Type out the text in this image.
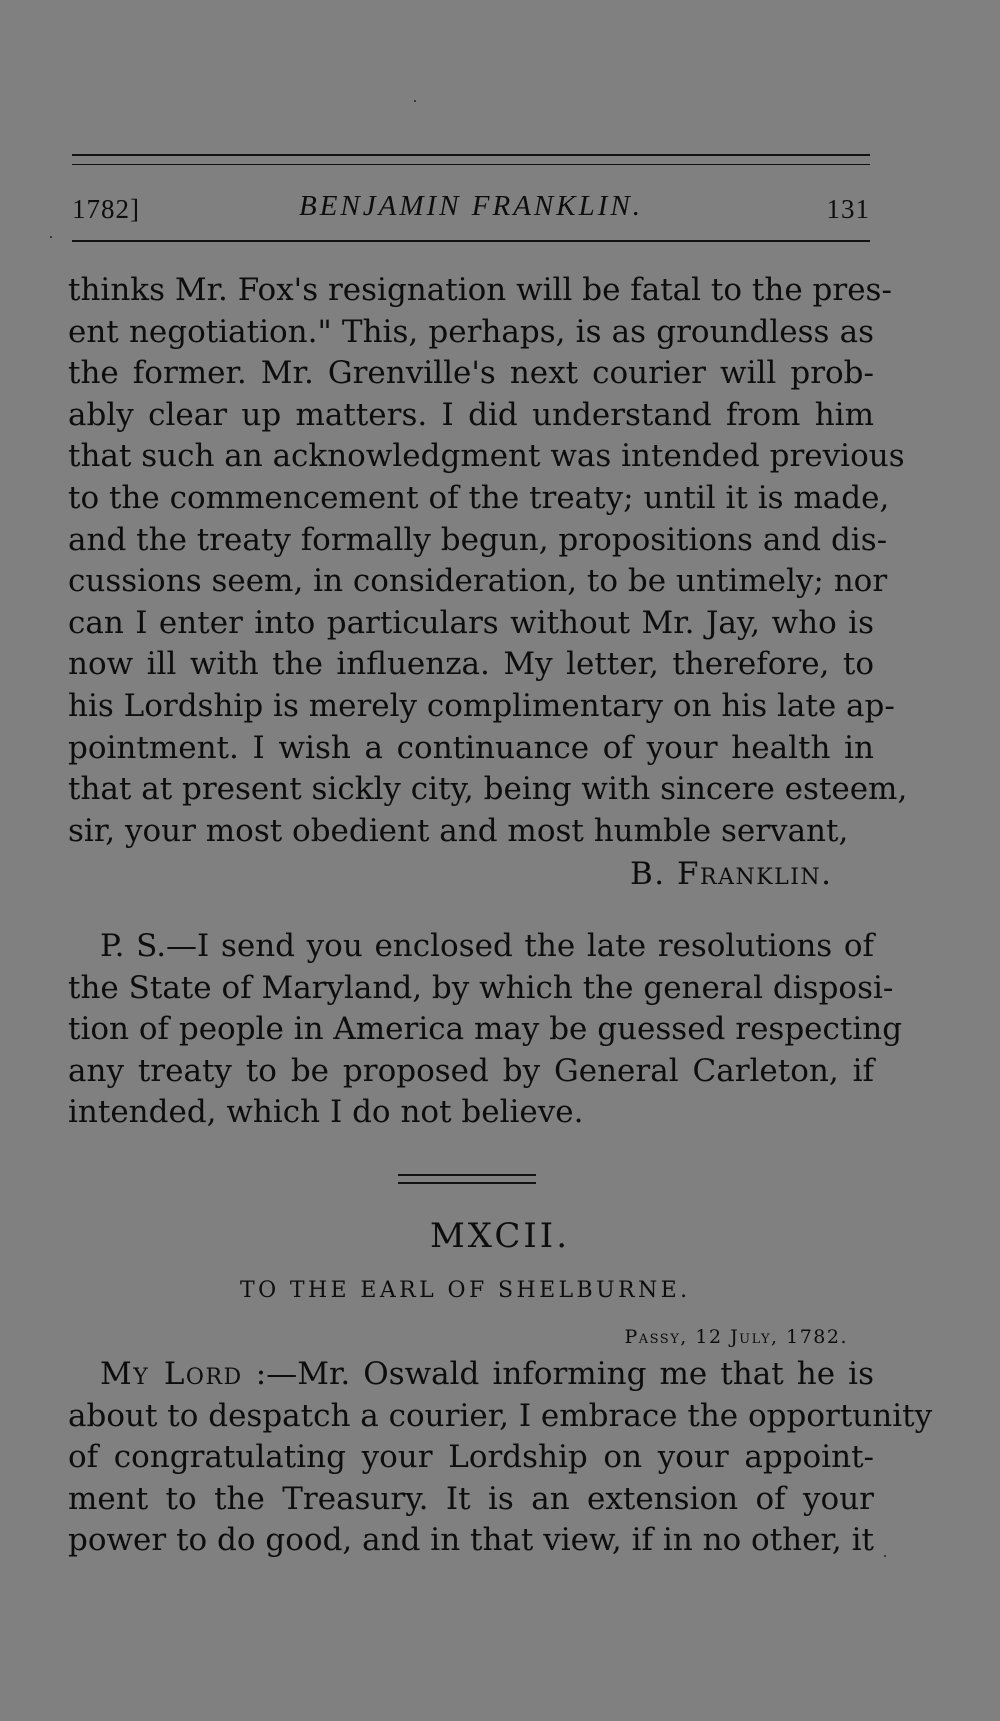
1782]	BENJAMIN FRANKLIN.	131
thinks Mr. Fox's resignation will be fatal to the pres-
ent negotiation." This, perhaps, is as groundless as
the former. Mr. Grenville's next courier will prob-
ably clear up matters. I did understand from him
that such an acknowledgment was intended previous
to the commencement of the treaty; until it is made,
and the treaty formally begun, propositions and dis-
cussions seem, in consideration, to be untimely; nor
can I enter into particulars without Mr. Jay, who is
now ill with the influenza. My letter, therefore, to
his Lordship is merely complimentary on his late ap-
pointment. I wish a continuance of your health in
that at present sickly city, being with sincere esteem,
sir, your most obedient and most humble servant,
B. Franklin.
P. S.—I send you enclosed the late resolutions of
the State of Maryland, by which the general disposi-
tion of people in America may be guessed respecting
any treaty to be proposed by General Carleton, if
intended, which I do not believe.
MXCII.
TO THE EARL OF SHELBURNE.
Passy, 12 July, 1782.
My Lord :—Mr. Oswald informing me that he is
about to despatch a courier, I embrace the opportunity
of congratulating your Lordship on your appoint-
ment to the Treasury. It is an extension of your
power to do good, and in that view, if in no other, it
